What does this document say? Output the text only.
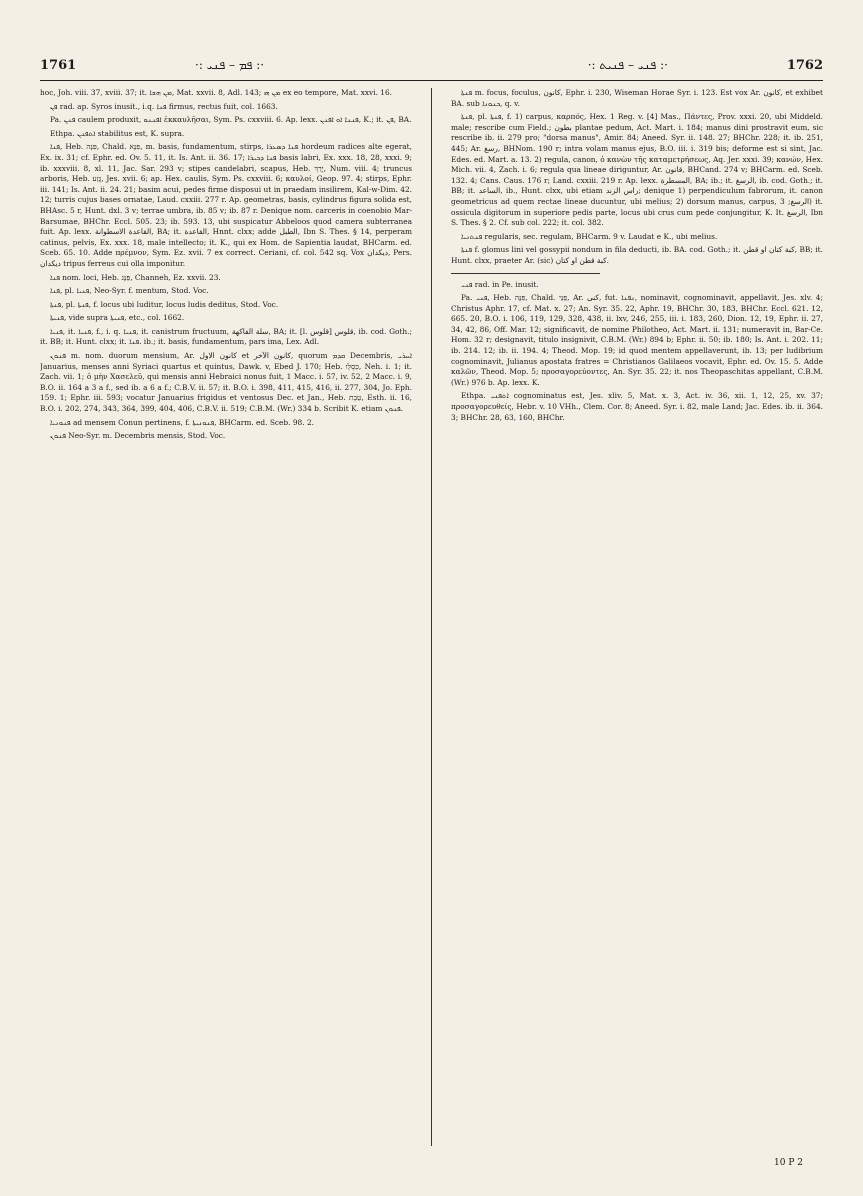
1761	·: ܦܡ – ܦܢܝ :·	·: ܦܢܝ – ܦܢܝܬ :·	1762

hoc, Joh. viii. 37, xviii. 37; it. ܡܢ ܗܫܐ, Mat. xxvii. 8, Adl. 143; ܡܢ ܗܝ ex eo tempore, Mat. xxvi. 16.

ܦܢ rad. ap. Syros inusit., i.q. ܦܢܐ firmus, rectus fuit, col. 1663.

Pa. ܦܢܢ caulem produxit, ܐܦܢܢܘ ἐκκαυλῆσαι, Sym. Ps. cxxviii. 6. Ap. lexx. ܦܢܢܐ ܐܘ ܐܦܢܢ, K.; it. ܦܢ, BA.

Ethpa. ܐܬܦܢܢ stabilitus est, K. supra.

ܦܢܐ, Heb. ‎פִּנָּה, Chald. ‎פִּנָּא, m. basis, fundamentum, stirps, ܦܢܐ ܕܣܥܪܐ hordeum radices alte egerat, Ex. ix. 31; cf. Ephr. ed. Ov. 5. 11, it. Is. Ant. ii. 36. 17; ܦܢܐ ܕܟܝܪܐ basis labri, Ex. xxx. 18, 28, xxxi. 9; ib. xxxviii. 8, xl. 11, Jac. Sar. 293 v; stipes candelabri, scapus, Heb. ‎יָרֵךְ, Num. viii. 4; truncus arboris, Heb. ‎גֶּזַע, Jes. xvii. 6; ap. Hex. caulis, Sym. Ps. cxxviii. 6; καυλοί, Geop. 97. 4; stirps, Ephr. iii. 141; Is. Ant. ii. 24. 21; basim acui, pedes firme disposui ut in praedam insilirem, Kal-w-Dim. 42. 12; turris cujus bases ornatae, Laud. cxxiii. 277 r. Ap. geometras, basis, cylindrus figura solida est, BHAsc. 5 r, Hunt. dxl. 3 v; terrae umbra, ib. 85 v; ib. 87 r. Denique nom. carceris in coenobio Mar-Barsumae, BHChr. Eccl. 505. 23; ib. 593. 13, ubi suspicatur Abbeloos quod camera subterranea fuit. Ap. lexx. ‎القاعدة الاسطوانة, BA; it. ‎القاعدة, Hnnt. clxx; adde ‎الطبل, Ibn S. Thes. § 14, perperam catinus, pelvis, Ex. xxx. 18, male intellecto; it. K., qui ex Hom. de Sapientia laudat, BHCarm. ed. Sceb. 65. 10. Adde ‎πρέμνον, Sym. Ez. xvii. 7 ex correct. Ceriani, cf. col. 542 sq. Vox ‎ديكدان, Pers. ‎ديكدان tripus ferreus cui olla imponitur.

ܦܢܐ nom. loci, Heb. ‎פַּנָּג, Channeh, Ez. xxvii. 23.

ܦܢܐ, pl. ܦܢܝܐ, Neo-Syr. f. mentum, Stod. Voc.

ܦܢܬܐ, pl. ܦܢܬܐ, f. locus ubi luditur, locus ludis deditus, Stod. Voc.

ܦܢܝܬܐ, vide supra ܦܢܝܬܐ, etc., col. 1662.

ܦܢܝܐ, it. ܦܢܝܐ, f., i. q. ܦܢܝܐ, it. canistrum fructuum, ‎سلة الفاكهة, BA; it. [l. ‎قلوس] ‎قلوس, ib. cod. Goth.; it. BB; it. Hunt. clxx; it. ܦܢܐ. ib.; it. basis, fundamentum, pars ima, Lex. Adl.

ܦܢܘܢ m. nom. duorum mensium, Ar. ‎كانون الاول et ‎كانون الآخر, quorum ܩܕܡ Decembris, ܐܚܪܝ Januarius, menses anni Syriaci quartus et quintus, Dawk. v, Ebed J. 170; Heb. ‎כִּסְלֵו, Neh. i. 1; it. Zach. vii. 1; ὁ μὴν Χασελεῦ, qui mensis anni Hebraici nonus fuit, 1 Macc. i. 57, iv. 52, 2 Macc. i. 9, B.O. ii. 164 a 3 a f., sed ib. a 6 a f.; C.B.V. ii. 57; it. B.O. i. 398, 411, 415, 416, ii. 277, 304, Jo. Eph. 159. 1; Ephr. iii. 593; vocatur Januarius frigidus et ventosus Dec. et Jan., Heb. ‎טֵבֵת, Esth. ii. 16, B.O. i. 202, 274, 343, 364, 399, 404, 406, C.B.V. ii. 519; C.B.M. (Wr.) 334 b. Scribit K. etiam ܦܢܘܢ.

ܦܢܘܢܝܐ ad mensem Conun pertinens, f. ܦܢܘܢܝܬܐ, BHCarm. ed. Sceb. 98. 2.

ܦܢܘܢ Neo-Syr. m. Decembris mensis, Stod. Voc.

ܦܢܬܐ m. focus, foculus, ‎كانون, Ephr. i. 230, Wiseman Horae Syr. i. 123. Est vox Ar. ‎كانون, et exhibet BA. sub ܟܢܘܢܐ, q. v.

ܦܢܬܐ, pl. ܦܢܬܐ, f. 1) carpus, καρπός, Hex. 1 Reg. v. [4] Mas., Πάντες, Prov. xxxi. 20, ubi Middeld. male; rescribe cum Field.; ‎بطون plantae pedum, Act. Mart. i. 184; manus dini prostravit eum, sic rescribe ib. ii. 279 pro; "dorsa manus", Amir. 84; Aneed. Syr. ii. 148. 27; BHChr. 228; it. ib. 251, 445; Ar. ‎رسغ, BHNom. 190 r; intra volam manus ejus, B.O. iii. i. 319 bis; deforme est si sint, Jac. Edes. ed. Mart. a. 13. 2) regula, canon, ὁ κανὼν τῆς καταμετρήσεως, Aq. Jer. xxxi. 39; κανών, Hex. Mich. vii. 4, Zach. i. 6; regula qua lineae diriguntur, Ar. ‎قانون, BHCand. 274 v; BHCarm. ed. Sceb. 132. 4; Cans. Caus. 176 r; Land. cxxiii. 219 r. Ap. lexx. ‎المسطرة, BA; ib.; it. ‎الرسغ, ib. cod. Goth.; it. BB; it. ‎الساعد, ib., Hunt. clxx, ubi etiam ‎راس الزند; denique 1) perpendiculum fabrorum, it. canon geometricus ad quem rectae lineae ducuntur, ubi melius; 2) dorsum manus, carpus, ‎الرسغ; 3) it. ossicula digitorum in superiore pedis parte, locus ubi crus cum pede conjungitur, K. It. ‎الرسغ, Ibn S. Thes. § 2. Cf. sub col. 222; it. col. 382.

ܦܢܬܢܝܐ regularis, sec. regulam, BHCarm. 9 v. Laudat e K., ubi melius.

ܦܢܬܐ f. glomus lini vel gossypii nondum in fila deducti, ib. BA. cod. Goth.; it. ‎كبة كتان او قطن, BB; it. Hunt. clxx, praeter Ar. (sic) ‎كبة قطن او كتان.

ܦܢܝ rad. in Pe. inusit.

Pa. ܦܢܝ, Heb. ‎פִּנָּה, Chald. ‎פַּנֵּי, Ar. ‎كنى, fut. ܢܦܢܐ, nominavit, cognominavit, appellavit, Jes. xlv. 4; Christus Aphr. 17, cf. Mat. x. 27; An. Syr. 35. 22, Aphr. 19, BHChr. 30, 183, BHChr. Eccl. 621. 12, 665. 20, B.O. i. 106, 119, 129, 328, 438, ii. lxv, 246, 255, iii. i. 183, 260, Dion. 12, 19, Ephr. ii. 27, 34, 42, 86, Off. Mar. 12; significavit, de nomine Philotheo, Act. Mart. ii. 131; numeravit in, Bar-Ce. Hom. 32 r; designavit, titulo insignivit, C.B.M. (Wr.) 894 b; Ephr. ii. 50; ib. 180; Is. Ant. i. 202. 11; ib. 214. 12; ib. ii. 194. 4; Theod. Mop. 19; id quod mentem appellaverunt, ib. 13; per ludibrium cognominavit, Julianus apostata fratres = Christianos Galilaeos vocavit, Ephr. ed. Ov. 15. 5. Adde καλῶν, Theod. Mop. 5; προσαγορεύοντες, An. Syr. 35. 22; it. nos Theopaschitas appellant, C.B.M. (Wr.) 976 b. Ap. lexx. K.

Ethpa. ܐܬܦܢܝ cognominatus est, Jes. xliv. 5, Mat. x. 3, Act. iv. 36, xii. 1, 12, 25, xv. 37; προσαγορευθείς, Hebr. v. 10 VHh., Clem. Cor. 8; Aneed. Syr. i. 82, male Land; Jac. Edes. ib. ii. 364. 3; BHChr. 28, 63, 160, BHChr.

10 P 2
